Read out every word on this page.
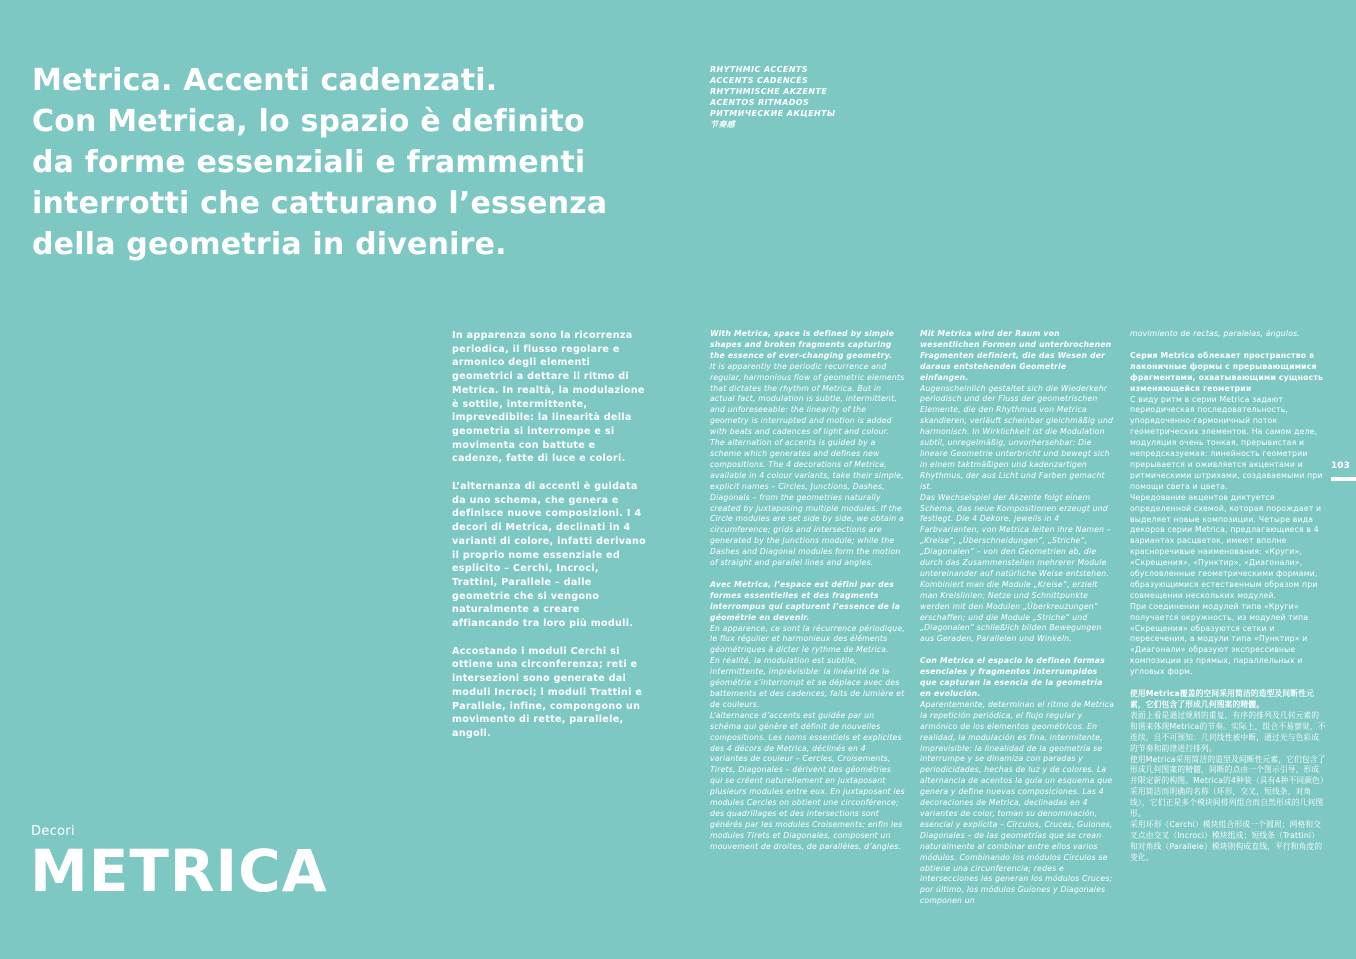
Metrica. Accenti cadenzati.
Con Metrica, lo spazio è definito
da forme essenziali e frammenti
interrotti che catturano l’essenza
della geometria in divenire.
RHYTHMIC ACCENTS
ACCENTS CADENCÉS
RHYTHMISCHE AKZENTE
ACENTOS RITMADOS
РИТМИЧЕСКИЕ АКЦЕНТЫ
节奏感

In apparenza sono la ricorrenza periodica, il flusso regolare e armonico degli elementi geometrici a dettare il ritmo di Metrica. In realtà, la modulazione è sottile, intermittente, imprevedibile: la linearità della geometria si interrompe e si movimenta con battute e cadenze, fatte di luce e colori.

L’alternanza di accenti è guidata da uno schema, che genera e definisce nuove composizioni. I 4 decori di Metrica, declinati in 4 varianti di colore, infatti derivano il proprio nome essenziale ed esplicito – Cerchi, Incroci, Trattini, Parallele – dalle geometrie che si vengono naturalmente a creare affiancando tra loro più moduli.

Accostando i moduli Cerchi si ottiene una circonferenza; reti e intersezioni sono generate dai moduli Incroci; i moduli Trattini e Parallele, infine, compongono un movimento di rette, parallele, angoli.

With Metrica, space is defined by simple shapes and broken fragments capturing the essence of ever-changing geometry.

It is apparently the periodic recurrence and regular, harmonious flow of geometric elements that dictates the rhythm of Metrica. But in actual fact, modulation is subtle, intermittent, and unforeseeable: the linearity of the geometry is interrupted and motion is added with beats and cadences of light and colour.

The alternation of accents is guided by a scheme which generates and defines new compositions. The 4 decorations of Metrica, available in 4 colour variants, take their simple, explicit names – Circles, Junctions, Dashes, Diagonals – from the geometries naturally created by juxtaposing multiple modules. If the Circle modules are set side by side, we obtain a circumference; grids and intersections are generated by the Junctions module; while the Dashes and Diagonal modules form the motion of straight and parallel lines and angles.

Avec Metrica, l’espace est défini par des formes essentielles et des fragments interrompus qui capturent l’essence de la géométrie en devenir.

En apparence, ce sont la récurrence périodique, le flux régulier et harmonieux des éléments géométriques à dicter le rythme de Metrica.

En réalité, la modulation est subtile, intermittente, imprévisible: la linéarité de la géométrie s’interrompt et se déplace avec des battements et des cadences, faits de lumière et de couleurs.

L’alternance d’accents est guidée par un schéma qui génère et définit de nouvelles compositions. Les noms essentiels et explicites des 4 décors de Metrica, déclinés en 4 variantes de couleur – Cercles, Croisements, Tirets, Diagonales – dérivent des géométries qui se créent naturellement en juxtaposant plusieurs modules entre eux. En juxtaposant les modules Cercles on obtient une circonférence; des quadrillages et des intersections sont générés par les modules Croisements; enfin les modules Tirets et Diagonales, composent un mouvement de droites, de parallèles, d’angles.

Mit Metrica wird der Raum von wesentlichen Formen und unterbrochenen Fragmenten definiert, die das Wesen der daraus entstehenden Geometrie einfangen.

Augenscheinlich gestaltet sich die Wiederkehr periodisch und der Fluss der geometrischen Elemente, die den Rhythmus von Metrica skandieren, verläuft scheinbar gleichmäßig und harmonisch. In Wirklichkeit ist die Modulation subtil, unregelmäßig, unvorhersehbar: Die lineare Geometrie unterbricht und bewegt sich in einem taktmäßigen und kadenzartigen Rhythmus, der aus Licht und Farben gemacht ist.

Das Wechselspiel der Akzente folgt einem Schema, das neue Kompositionen erzeugt und festlegt. Die 4 Dekore, jeweils in 4 Farbvarianten, von Metrica leiten ihre Namen – „Kreise“, „Überschneidungen“, „Striche“, „Diagonalen“ – von den Geometrien ab, die durch das Zusammenstellen mehrerer Module untereinander auf natürliche Weise entstehen. Kombiniert man die Module „Kreise“, erzielt man Kreislinien; Netze und Schnittpunkte werden mit den Modulen „Überkreuzungen“ erschaffen; und die Module „Striche“ und „Diagonalen“ schließlich bilden Bewegungen aus Geraden, Parallelen und Winkeln.

Con Metrica el espacio lo definen formas esenciales y fragmentos interrumpidos que capturan la esencia de la geometría en evolución.

Aparentemente, determinan el ritmo de Metrica la repetición periódica, el flujo regular y armónico de los elementos geométricos. En realidad, la modulación es fina, intermitente, imprevisible: la linealidad de la geometría se interrumpe y se dinamiza con paradas y periodicidades, hechas de luz y de colores. La alternancia de acentos la guía un esquema que genera y define nuevas composiciones. Las 4 decoraciones de Metrica, declinadas en 4 variantes de color, toman su denominación, esencial y explícita – Círculos, Cruces, Guiones, Diagonales – de las geometrías que se crean naturalmente al combinar entre ellos varios módulos. Combinando los módulos Círculos se obtiene una circunferencia; redes e intersecciones las generan los módulos Cruces; por último, los módulos Guiones y Diagonales componen un

movimiento de rectas, paralelas, ángulos.

Серия Metrica облекает пространство в лаконичные формы с прерывающимися фрагментами, охватывающими сущность изменяющейся геометрии

С виду ритм в серии Metrica задают периодическая последовательность, упорядоченно-гармоничный поток геометрических элементов. На самом деле, модуляция очень тонкая, прерывистая и непредсказуемая: линейность геометрии прерывается и оживляется акцентами и ритмическими штрихами, создаваемыми при помощи света и цвета.

Чередование акцентов диктуется определенной схемой, которая порождает и выделяет новые композиции. Четыре вида декоров серии Metrica, предлагающиеся в 4 вариантах расцветок, имеют вполне красноречивые наименования: «Круги», «Скрещения», «Пунктир», «Диагонали», обусловленные геометрическими формами, образующимися естественным образом при совмещении нескольких модулей.

При соединении модулей типа «Круги» получается окружность, из модулей типа «Скрещения» образуются сетки и пересечения, а модули типа «Пунктир» и «Диагонали» образуют экспрессивные композиции из прямых, параллельных и угловых форм.

使用Metrica覆盖的空间采用简洁的造型及间断性元素，它们包含了形成几何图案的精髓。

表面上看是通过规则的重复，有序的排列及几何元素的和谐来体现Metrica的节奏。实际上，组合不易察觉，不连续，且不可预知：几何线性被中断，通过光与色彩成的节奏和韵律进行排列。

使用Metrica采用简洁的造型及间断性元素，它们包含了形成几何图案的精髓，间断的点由一个图示引导，形成并限定新的构图。Metrica的4种装（具有4种不同颜色）采用简洁而明确的名称（环形，交叉，短线条，对角线），它们正是多个模块间排列组合而自然形成的几何图形。

采用环形（Cerchi）模块组合形成一个圆周；网格和交叉点由交叉（Incroci）模块组成；短线条（Trattini）和对角线（Parallele）模块则构成直线，平行和角度的变化。

103
Decori
METRICA
